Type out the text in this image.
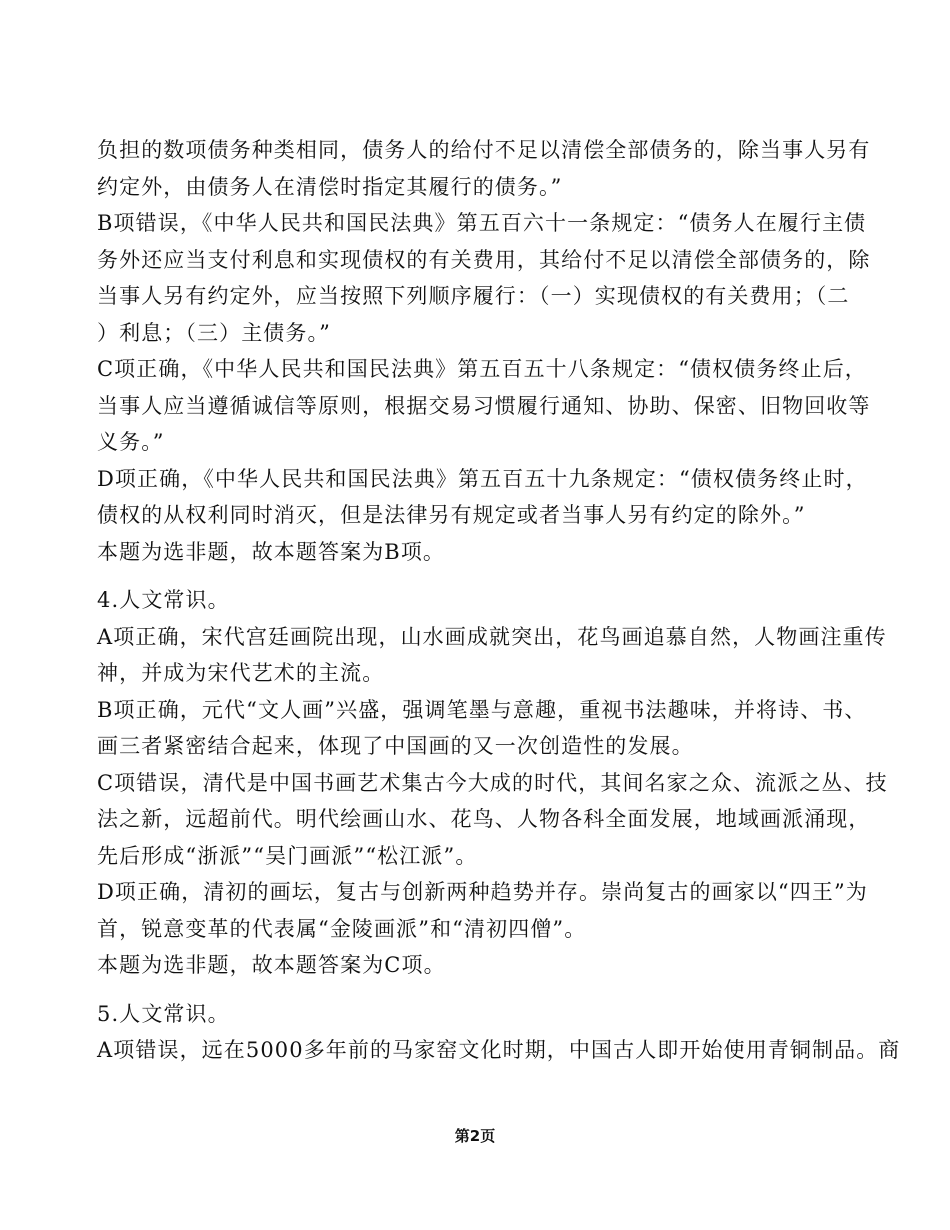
负担的数项债务种类相同，债务人的给付不足以清偿全部债务的，除当事人另有
约定外，由债务人在清偿时指定其履行的债务。”
B项错误，《中华人民共和国民法典》第五百六十一条规定：“债务人在履行主债
务外还应当支付利息和实现债权的有关费用，其给付不足以清偿全部债务的，除
当事人另有约定外，应当按照下列顺序履行：（一）实现债权的有关费用；（二
）利息；（三）主债务。”
C项正确，《中华人民共和国民法典》第五百五十八条规定：“债权债务终止后，
当事人应当遵循诚信等原则，根据交易习惯履行通知、协助、保密、旧物回收等
义务。”
D项正确，《中华人民共和国民法典》第五百五十九条规定：“债权债务终止时，
债权的从权利同时消灭，但是法律另有规定或者当事人另有约定的除外。”
本题为选非题，故本题答案为B项。
4.人文常识。
A项正确，宋代宫廷画院出现，山水画成就突出，花鸟画追慕自然，人物画注重传
神，并成为宋代艺术的主流。
B项正确，元代“文人画”兴盛，强调笔墨与意趣，重视书法趣味，并将诗、书、
画三者紧密结合起来，体现了中国画的又一次创造性的发展。
C项错误，清代是中国书画艺术集古今大成的时代，其间名家之众、流派之丛、技
法之新，远超前代。明代绘画山水、花鸟、人物各科全面发展，地域画派涌现，
先后形成“浙派”“吴门画派”“松江派”。
D项正确，清初的画坛，复古与创新两种趋势并存。崇尚复古的画家以“四王”为
首，锐意变革的代表属“金陵画派”和“清初四僧”。
本题为选非题，故本题答案为C项。
5.人文常识。
A项错误，远在5000多年前的马家窑文化时期，中国古人即开始使用青铜制品。商
第2页
